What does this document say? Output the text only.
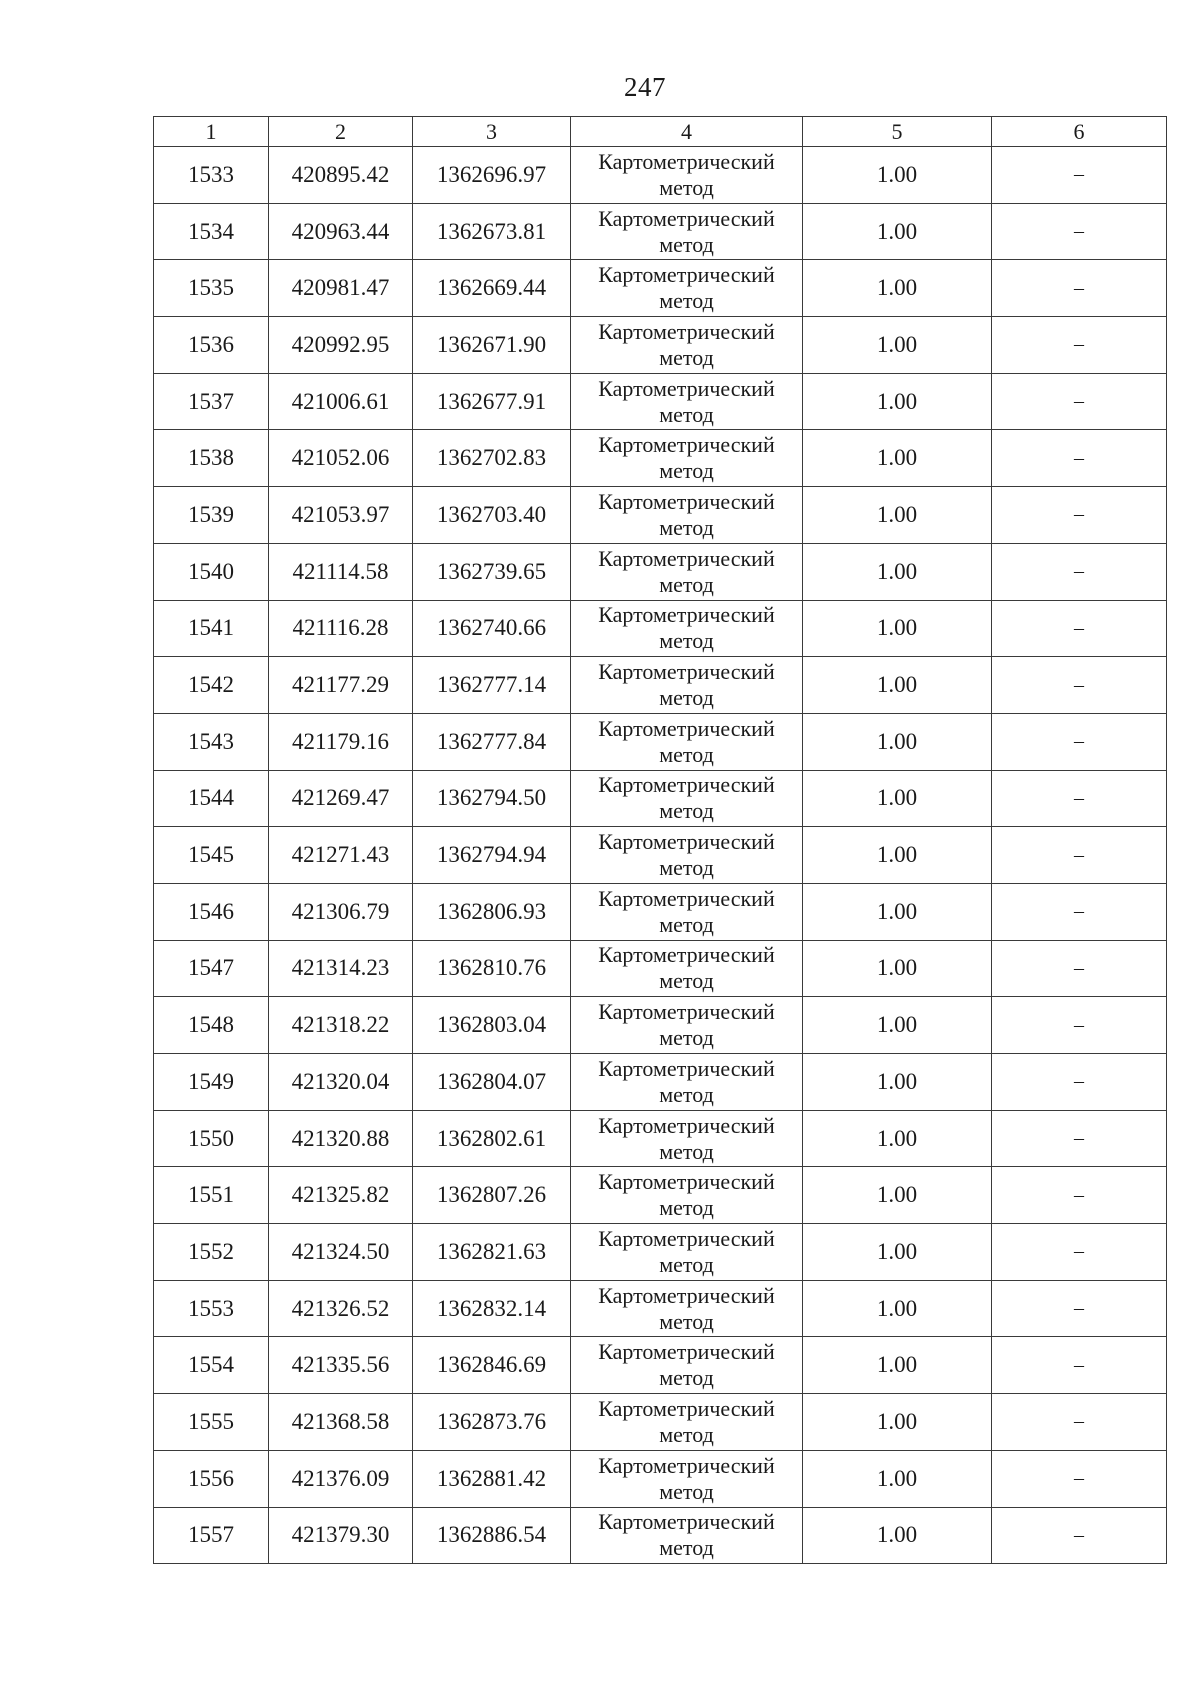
247
1	2	3	4	5	6
1533	420895.42	1362696.97	Картометрический метод	1.00	–
1534	420963.44	1362673.81	Картометрический метод	1.00	–
1535	420981.47	1362669.44	Картометрический метод	1.00	–
1536	420992.95	1362671.90	Картометрический метод	1.00	–
1537	421006.61	1362677.91	Картометрический метод	1.00	–
1538	421052.06	1362702.83	Картометрический метод	1.00	–
1539	421053.97	1362703.40	Картометрический метод	1.00	–
1540	421114.58	1362739.65	Картометрический метод	1.00	–
1541	421116.28	1362740.66	Картометрический метод	1.00	–
1542	421177.29	1362777.14	Картометрический метод	1.00	–
1543	421179.16	1362777.84	Картометрический метод	1.00	–
1544	421269.47	1362794.50	Картометрический метод	1.00	–
1545	421271.43	1362794.94	Картометрический метод	1.00	–
1546	421306.79	1362806.93	Картометрический метод	1.00	–
1547	421314.23	1362810.76	Картометрический метод	1.00	–
1548	421318.22	1362803.04	Картометрический метод	1.00	–
1549	421320.04	1362804.07	Картометрический метод	1.00	–
1550	421320.88	1362802.61	Картометрический метод	1.00	–
1551	421325.82	1362807.26	Картометрический метод	1.00	–
1552	421324.50	1362821.63	Картометрический метод	1.00	–
1553	421326.52	1362832.14	Картометрический метод	1.00	–
1554	421335.56	1362846.69	Картометрический метод	1.00	–
1555	421368.58	1362873.76	Картометрический метод	1.00	–
1556	421376.09	1362881.42	Картометрический метод	1.00	–
1557	421379.30	1362886.54	Картометрический метод	1.00	–
